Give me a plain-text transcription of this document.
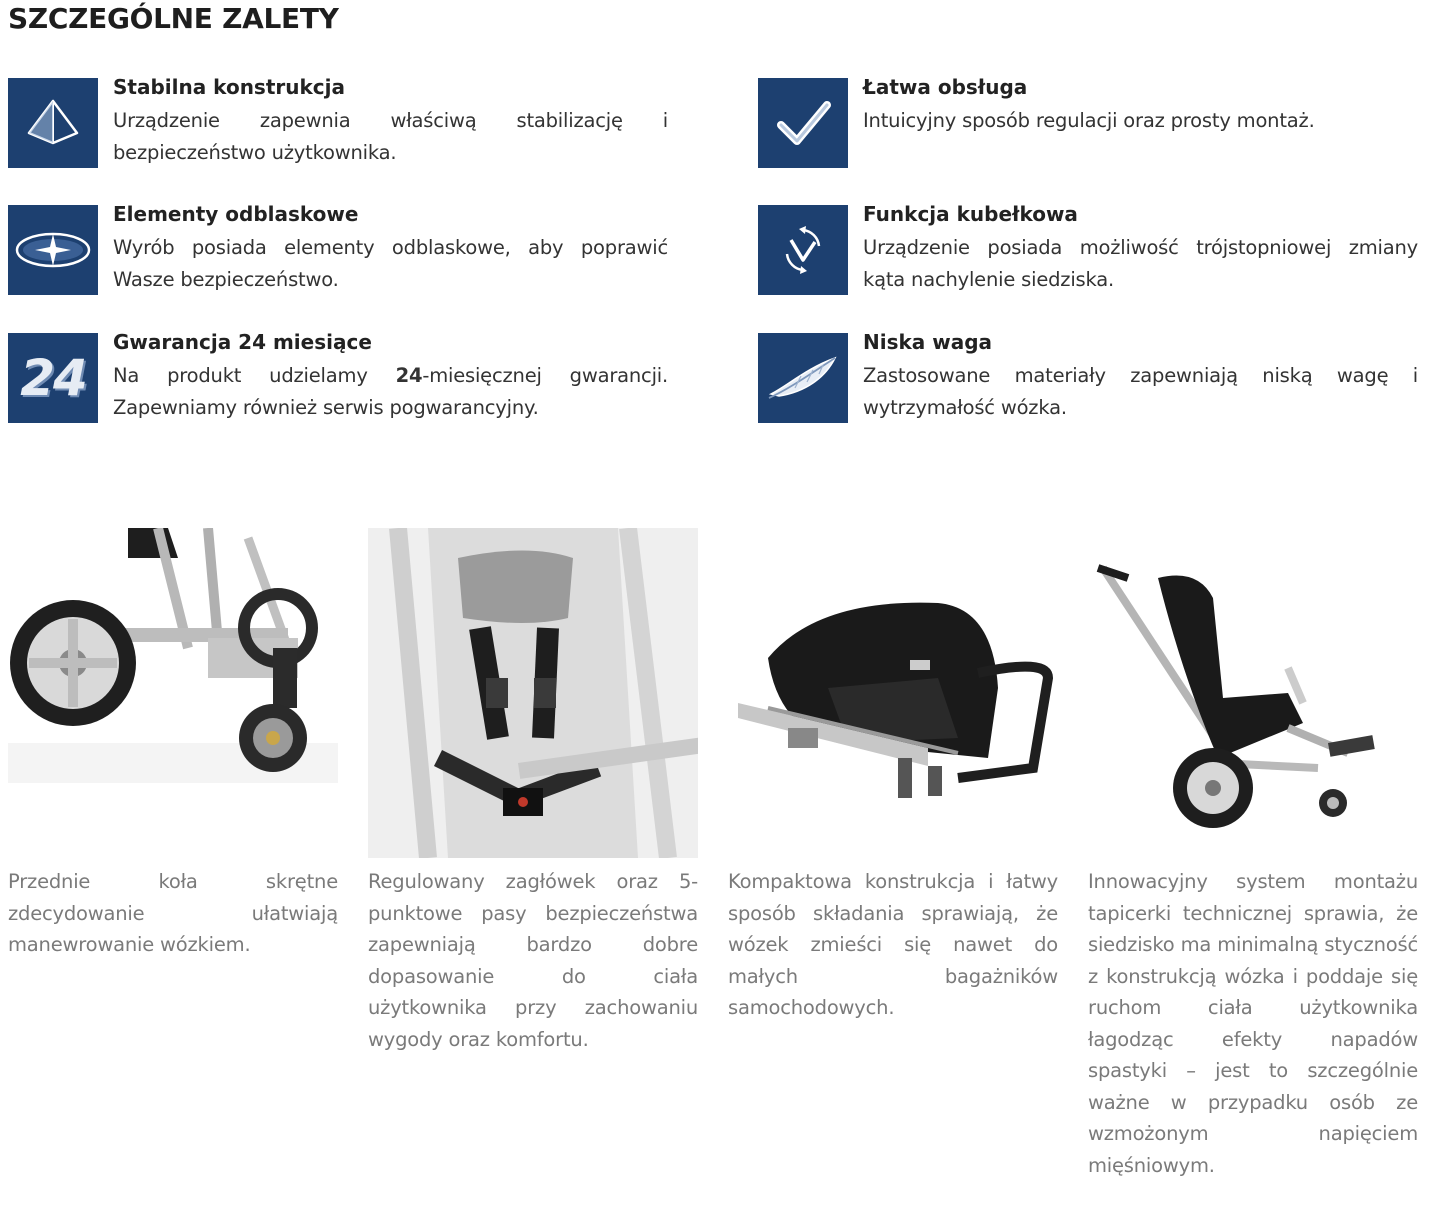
SZCZEGÓLNE ZALETY
Stabilna konstrukcja
Urządzenie zapewnia właściwą stabilizację i bezpieczeństwo użytkownika.
Łatwa obsługa
Intuicyjny sposób regulacji oraz prosty montaż.
Elementy odblaskowe
Wyrób posiada elementy odblaskowe, aby poprawić Wasze bezpieczeństwo.
Funkcja kubełkowa
Urządzenie posiada możliwość trójstopniowej zmiany kąta nachylenie siedziska.
24
Gwarancja 24 miesiące
Na produkt udzielamy 24-miesięcznej gwarancji. Zapewniamy również serwis pogwarancyjny.
Niska waga
Zastosowane materiały zapewniają niską wagę i wytrzymałość wózka.
Przednie koła skrętne zdecydowanie ułatwiają manewrowanie wózkiem.
Regulowany zagłówek oraz 5-punktowe pasy bezpieczeństwa zapewniają bardzo dobre dopasowanie do ciała użytkownika przy zachowaniu wygody oraz komfortu.
Kompaktowa konstrukcja i łatwy sposób składania sprawiają, że wózek zmieści się nawet do małych bagażników samochodowych.
Innowacyjny system montażu tapicerki technicznej sprawia, że siedzisko ma minimalną styczność z konstrukcją wózka i poddaje się ruchom ciała użytkownika łagodząc efekty napadów spastyki – jest to szczególnie ważne w przypadku osób ze wzmożonym napięciem mięśniowym.
